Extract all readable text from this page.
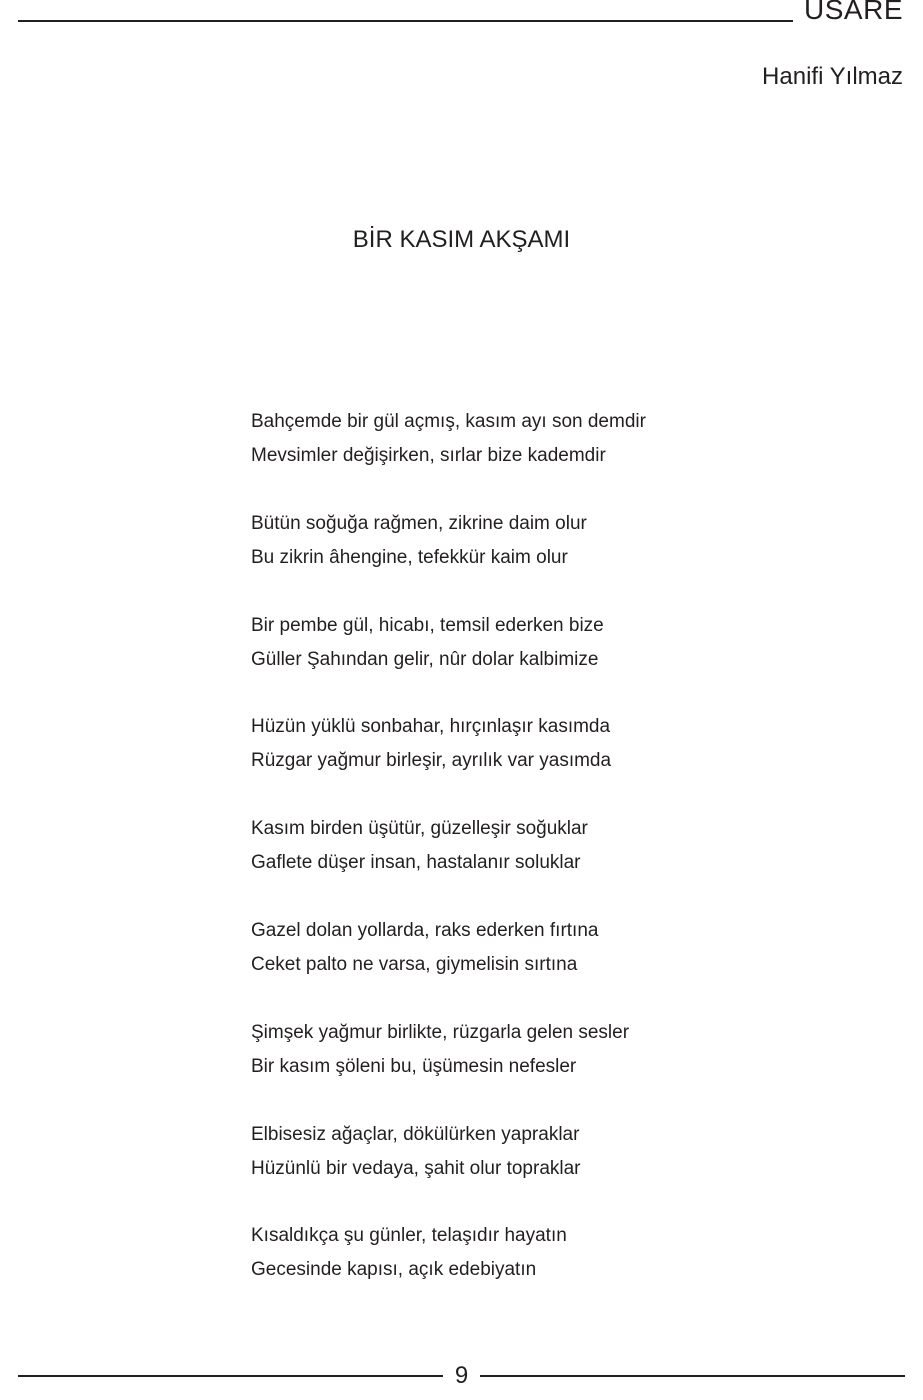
USARE
Hanifi Yılmaz
BİR KASIM AKŞAMI
Bahçemde bir gül açmış, kasım ayı son demdir
Mevsimler değişirken, sırlar bize kademdir
Bütün soğuğa rağmen, zikrine daim olur
Bu zikrin âhengine, tefekkür kaim olur
Bir pembe gül, hicabı, temsil ederken bize
Güller Şahından gelir, nûr dolar kalbimize
Hüzün yüklü sonbahar, hırçınlaşır kasımda
Rüzgar yağmur birleşir, ayrılık var yasımda
Kasım birden üşütür, güzelleşir soğuklar
Gaflete düşer insan, hastalanır soluklar
Gazel dolan yollarda, raks ederken fırtına
Ceket palto ne varsa, giymelisin sırtına
Şimşek yağmur birlikte, rüzgarla gelen sesler
Bir kasım şöleni bu, üşümesin nefesler
Elbisesiz ağaçlar, dökülürken yapraklar
Hüzünlü bir vedaya, şahit olur topraklar
Kısaldıkça şu günler, telaşıdır hayatın
Gecesinde kapısı, açık edebiyatın
9
